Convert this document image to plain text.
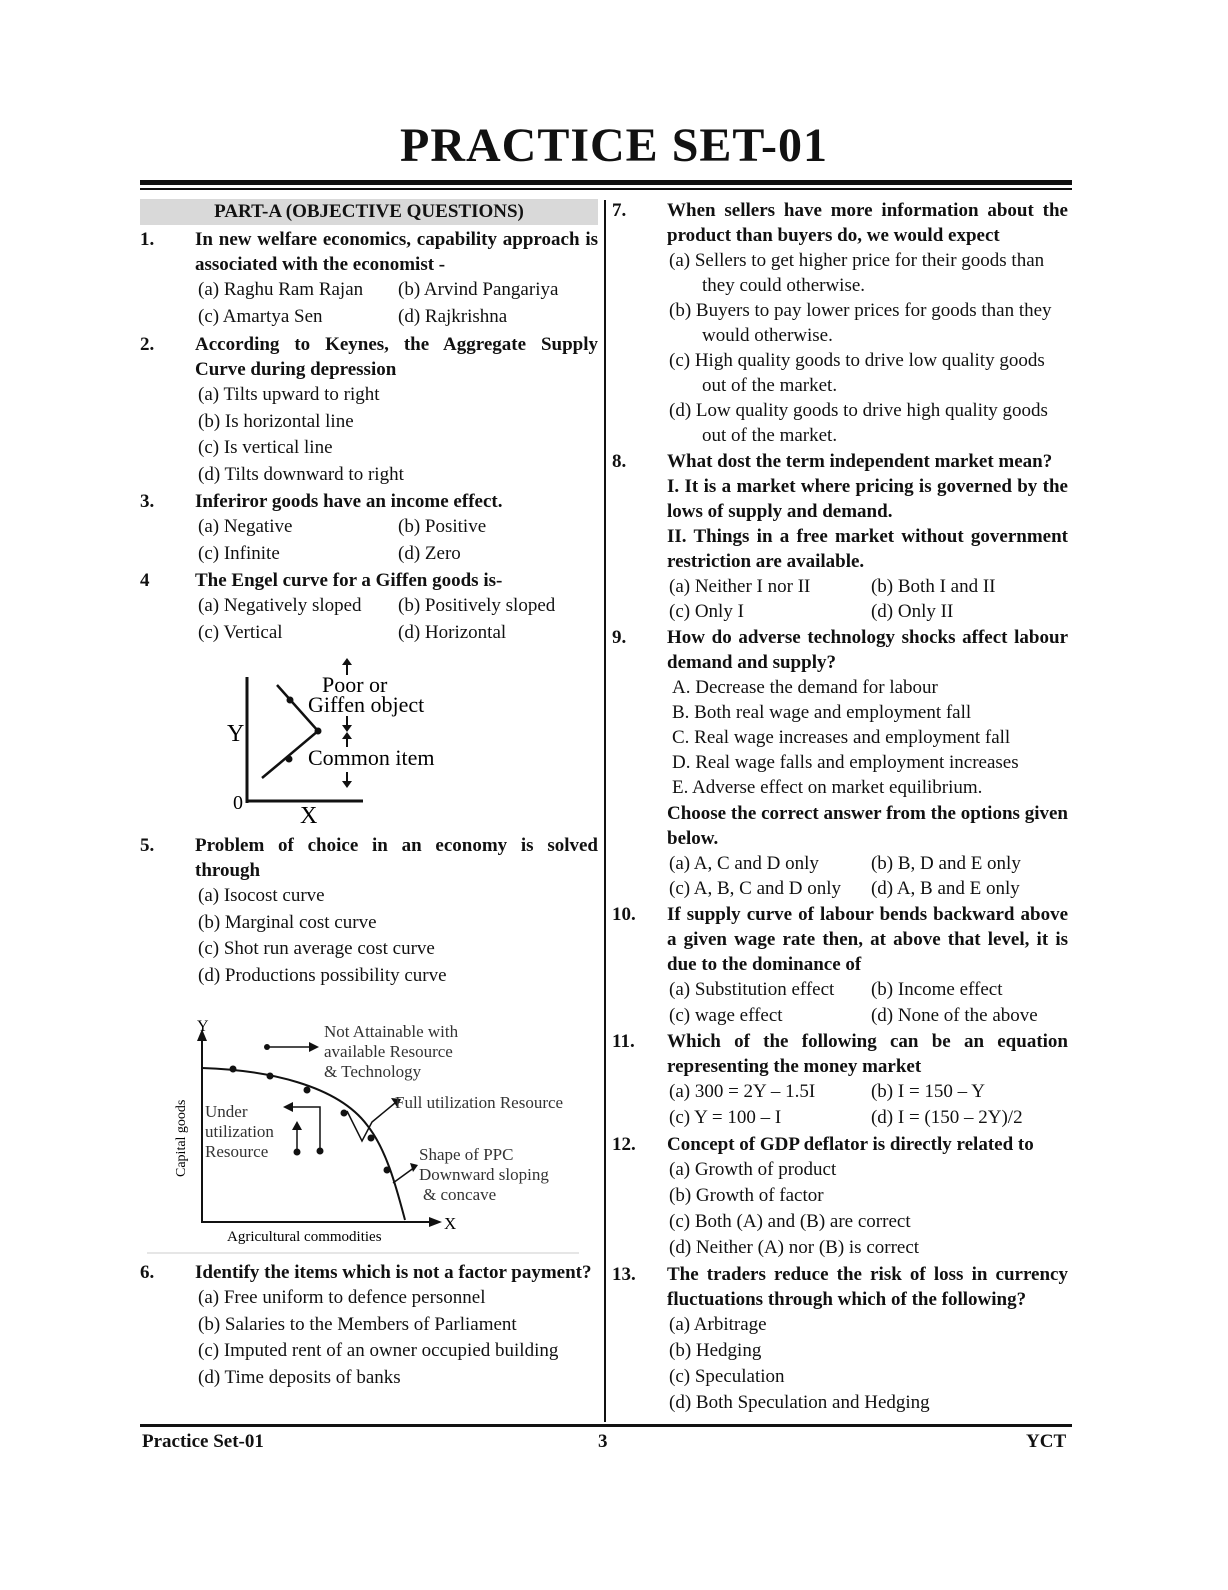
PRACTICE SET-01
PART-A (OBJECTIVE QUESTIONS)
1.	In new welfare economics, capability approach is associated with the economist -
(a) Raghu Ram Rajan	(b) Arvind Pangariya
(c) Amartya Sen	(d) Rajkrishna
2.	According to Keynes, the Aggregate Supply Curve during depression
(a) Tilts upward to right
(b) Is horizontal line
(c) Is vertical line
(d) Tilts downward to right
3.	Inferiror goods have an income effect.
(a) Negative	(b) Positive
(c) Infinite	(d) Zero
4	The Engel curve for a Giffen goods is-
(a) Negatively sloped	(b) Positively sloped
(c) Vertical	(d) Horizontal
Y
X
0
Poor or
Giffen object
Common item
5.	Problem of choice in an economy is solved through
(a) Isocost curve
(b) Marginal cost curve
(c) Shot run average cost curve
(d) Productions possibility curve
Y
X
Agricultural commodities
Capital goods
Not Attainable with
available Resource
& Technology
Full utilization Resource
Under
utilization
Resource	Shape of PPC
Downward sloping
& concave
6.	Identify the items which is not a factor payment?
(a) Free uniform to defence personnel
(b) Salaries to the Members of Parliament
(c) Imputed rent of an owner occupied building
(d) Time deposits of banks
7.	When sellers have more information about the product than buyers do, we would expect
(a) Sellers to get higher price for their goods than they could otherwise.
(b) Buyers to pay lower prices for goods than they would otherwise.
(c) High quality goods to drive low quality goods out of the market.
(d) Low quality goods to drive high quality goods out of the market.
8.	What dost the term independent market mean?
I. It is a market where pricing is governed by the lows of supply and demand.
II. Things in a free market without government restriction are available.
(a) Neither I nor II	(b) Both I and II
(c) Only I	(d) Only II
9.	How do adverse technology shocks affect labour demand and supply?
A. Decrease the demand for labour
B. Both real wage and employment fall
C. Real wage increases and employment fall
D. Real wage falls and employment increases
E. Adverse effect on market equilibrium.
Choose the correct answer from the options given below.
(a) A, C and D only	(b) B, D and E only
(c) A, B, C and D only	(d) A, B and E only
10.	If supply curve of labour bends backward above a given wage rate then, at above that level, it is due to the dominance of
(a) Substitution effect	(b) Income effect
(c) wage effect	(d) None of the above
11.	Which of the following can be an equation representing the money market
(a) 300 = 2Y – 1.5I	(b) I = 150 – Y
(c) Y = 100 – I	(d) I = (150 – 2Y)/2
12.	Concept of GDP deflator is directly related to
(a) Growth of product
(b) Growth of factor
(c) Both (A) and (B) are correct
(d) Neither (A) nor (B) is correct
13.	The traders reduce the risk of loss in currency fluctuations through which of the following?
(a) Arbitrage
(b) Hedging
(c) Speculation
(d) Both Speculation and Hedging
Practice Set-01	3	YCT
